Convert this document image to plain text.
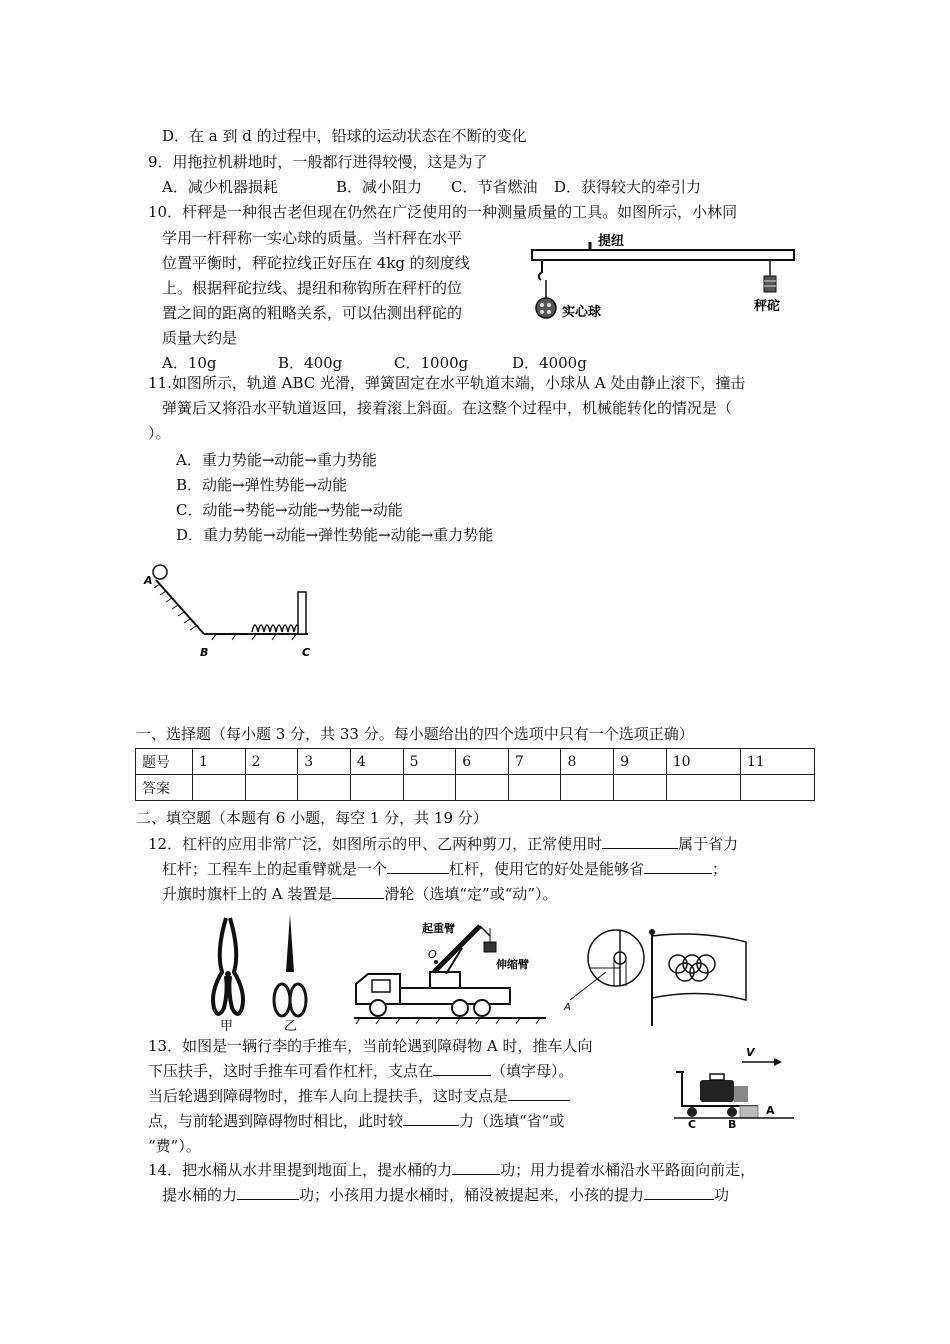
D．在 a 到 d 的过程中，铅球的运动状态在不断的变化
9．用拖拉机耕地时，一般都行进得较慢，这是为了
A．减少机器损耗	B．减小阻力 C．节省燃油 D．获得较大的牵引力
10．杆秤是一种很古老但现在仍然在广泛使用的一种测量质量的工具。如图所示，小林同
学用一杆秤称一实心球的质量。当杆秤在水平
位置平衡时，秤砣拉线正好压在 4kg 的刻度线
上。根据秤砣拉线、提纽和称钩所在秤杆的位
置之间的距离的粗略关系，可以估测出秤砣的
质量大约是
A．10g	B．400g	C．1000g	D．4000g
提纽
实心球	秤砣
11.如图所示，轨道 ABC 光滑，弹簧固定在水平轨道末端，小球从 A 处由静止滚下，撞击
弹簧后又将沿水平轨道返回，接着滚上斜面。在这整个过程中，机械能转化的情况是（
）。
A．重力势能→动能→重力势能
B．动能→弹性势能→动能
C．动能→势能→动能→势能→动能
D．重力势能→动能→弹性势能→动能→重力势能
A
B	C
一、选择题（每小题 3 分，共 33 分。每小题给出的四个选项中只有一个选项正确）
题号	1	2	3	4	5	6	7	8	9	10	11
答案											
二、填空题（本题有 6 小题，每空 1 分，共 19 分）
12．杠杆的应用非常广泛，如图所示的甲、乙两种剪刀，正常使用时	属于省力
杠杆；工程车上的起重臂就是一个	杠杆，使用它的好处是能够省	；
升旗时旗杆上的 A 装置是	滑轮（选填“定”或“动”）。
甲	乙
起重臂
O
伸缩臂
A
13．如图是一辆行李的手推车，当前轮遇到障碍物 A 时，推车人向
下压扶手，这时手推车可看作杠杆，支点在	（填字母）。
当后轮遇到障碍物时，推车人向上提扶手，这时支点是
点，与前轮遇到障碍物时相比，此时较	力（选填“省”或
“费”）。
V
A
B
C
14．把水桶从水井里提到地面上，提水桶的力	功；用力提着水桶沿水平路面向前走，
提水桶的力	功；小孩用力提水桶时，桶没被提起来，小孩的提力	功
